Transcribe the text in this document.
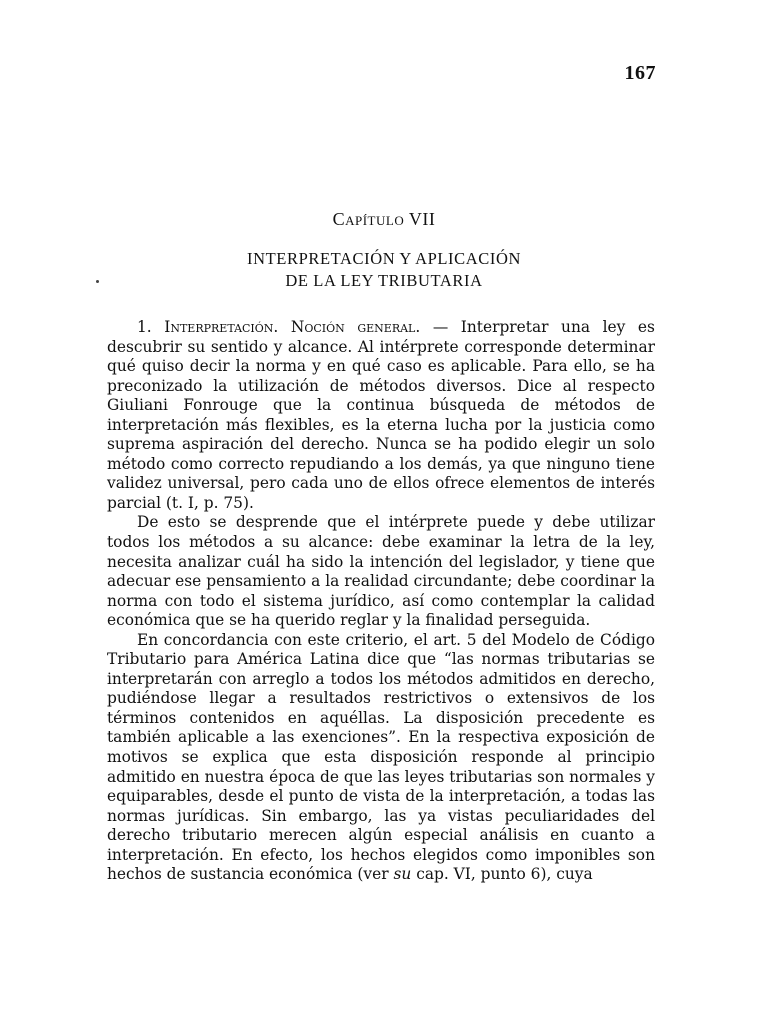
167
Capítulo VII
INTERPRETACIÓN Y APLICACIÓN
DE LA LEY TRIBUTARIA

1. Interpretación. Noción general. — Interpretar una ley es descubrir su sentido y alcance. Al intérprete corresponde determinar qué quiso decir la norma y en qué caso es aplicable. Para ello, se ha preconizado la utilización de métodos diversos. Dice al respecto Giuliani Fonrouge que la continua búsqueda de métodos de interpretación más flexibles, es la eterna lucha por la justicia como suprema aspiración del derecho. Nunca se ha podido elegir un solo método como correcto repudiando a los demás, ya que ninguno tiene validez universal, pero cada uno de ellos ofrece elementos de interés parcial (t. I, p. 75).

De esto se desprende que el intérprete puede y debe utilizar todos los métodos a su alcance: debe examinar la letra de la ley, necesita analizar cuál ha sido la intención del legislador, y tiene que adecuar ese pensamiento a la realidad circundante; debe coordinar la norma con todo el sistema jurídico, así como contemplar la calidad económica que se ha querido reglar y la finalidad perseguida.

En concordancia con este criterio, el art. 5 del Modelo de Código Tributario para América Latina dice que “las normas tributarias se interpretarán con arreglo a todos los métodos admitidos en derecho, pudiéndose llegar a resultados restrictivos o extensivos de los términos contenidos en aquéllas. La disposición precedente es también aplicable a las exenciones”. En la respectiva exposición de motivos se explica que esta disposición responde al principio admitido en nuestra época de que las leyes tributarias son normales y equiparables, desde el punto de vista de la interpretación, a todas las normas jurídicas. Sin embargo, las ya vistas peculiaridades del derecho tributario merecen algún especial análisis en cuanto a interpretación. En efecto, los hechos elegidos como imponibles son hechos de sustancia económica (ver su cap. VI, punto 6), cuya
